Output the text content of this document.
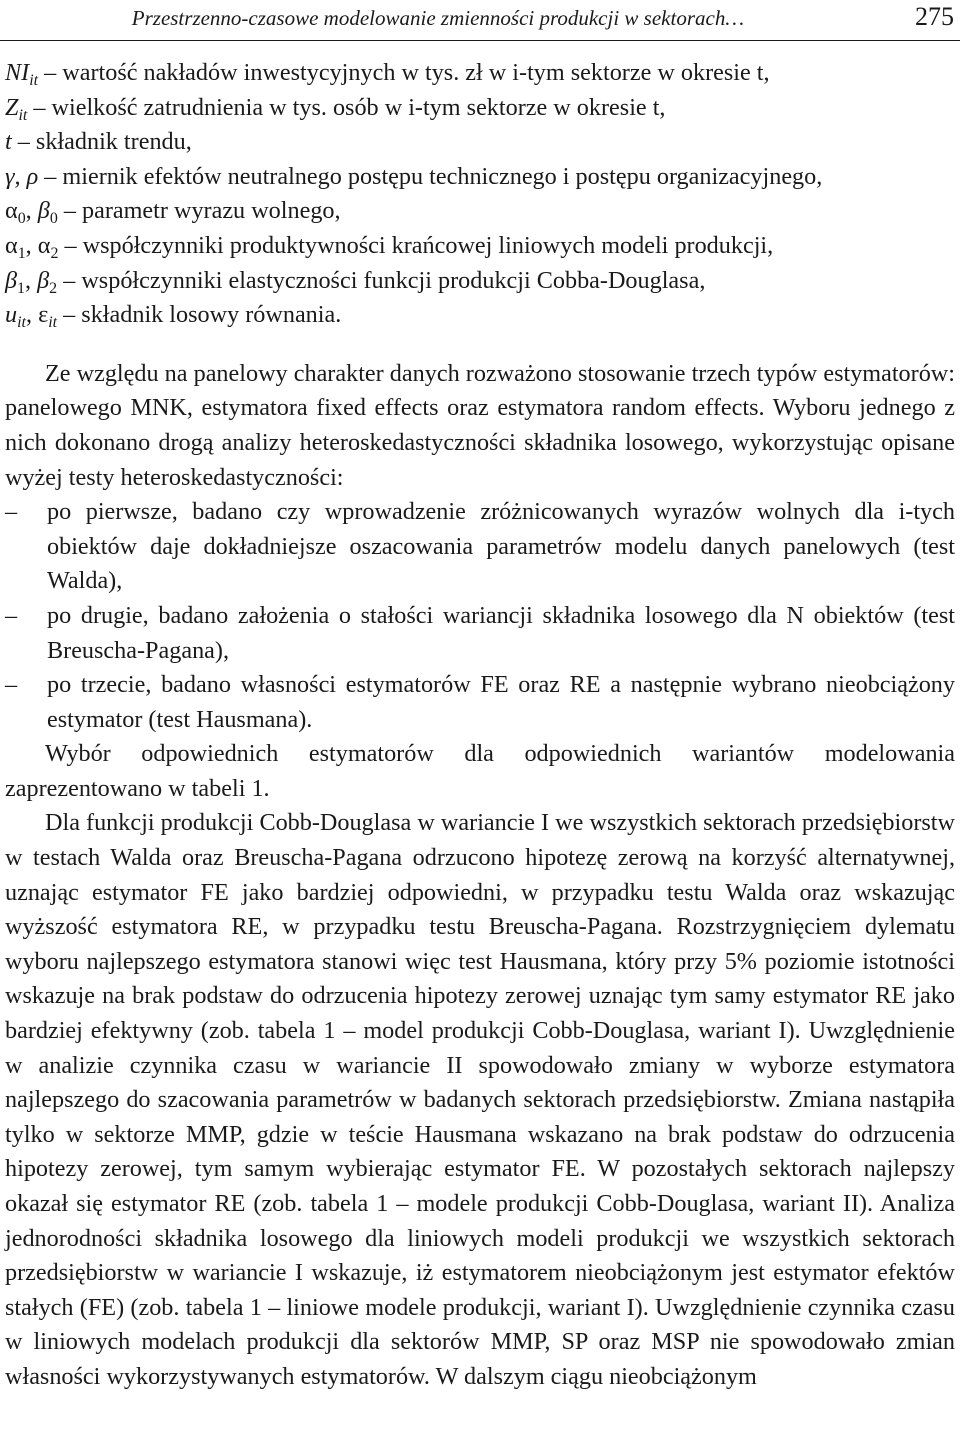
Przestrzenno-czasowe modelowanie zmienności produkcji w sektorach…	275

$NI_{it}$ – wartość nakładów inwestycyjnych w tys. zł w i-tym sektorze w okresie t,

$Z_{it}$ – wielkość zatrudnienia w tys. osób w i-tym sektorze w okresie t,

t – składnik trendu,

γ, ρ – miernik efektów neutralnego postępu technicznego i postępu organizacyjnego,

$\alpha_0$, $\beta_0$ – parametr wyrazu wolnego,

$\alpha_1$, $\alpha_2$ – współczynniki produktywności krańcowej liniowych modeli produkcji,

$\beta_1$, $\beta_2$ – współczynniki elastyczności funkcji produkcji Cobba-Douglasa,

$u_{it}$, $\varepsilon_{it}$ – składnik losowy równania.

Ze względu na panelowy charakter danych rozważono stosowanie trzech typów estymatorów: panelowego MNK, estymatora fixed effects oraz estymatora random effects. Wyboru jednego z nich dokonano drogą analizy heteroskedastyczności składnika losowego, wykorzystując opisane wyżej testy heteroskedastyczności:

– po pierwsze, badano czy wprowadzenie zróżnicowanych wyrazów wolnych dla i-tych obiektów daje dokładniejsze oszacowania parametrów modelu danych panelowych (test Walda),
– po drugie, badano założenia o stałości wariancji składnika losowego dla N obiektów (test Breuscha-Pagana),
– po trzecie, badano własności estymatorów FE oraz RE a następnie wybrano nieobciążony estymator (test Hausmana).

Wybór odpowiednich estymatorów dla odpowiednich wariantów modelowania zaprezentowano w tabeli 1.

Dla funkcji produkcji Cobb-Douglasa w wariancie I we wszystkich sektorach przedsiębiorstw w testach Walda oraz Breuscha-Pagana odrzucono hipotezę zerową na korzyść alternatywnej, uznając estymator FE jako bardziej odpowiedni, w przypadku testu Walda oraz wskazując wyższość estymatora RE, w przypadku testu Breuscha-Pagana. Rozstrzygnięciem dylematu wyboru najlepszego estymatora stanowi więc test Hausmana, który przy 5% poziomie istotności wskazuje na brak podstaw do odrzucenia hipotezy zerowej uznając tym samy estymator RE jako bardziej efektywny (zob. tabela 1 – model produkcji Cobb-Douglasa, wariant I). Uwzględnienie w analizie czynnika czasu w wariancie II spowodowało zmiany w wyborze estymatora najlepszego do szacowania parametrów w badanych sektorach przedsiębiorstw. Zmiana nastąpiła tylko w sektorze MMP, gdzie w teście Hausmana wskazano na brak podstaw do odrzucenia hipotezy zerowej, tym samym wybierając estymator FE. W pozostałych sektorach najlepszy okazał się estymator RE (zob. tabela 1 – modele produkcji Cobb-Douglasa, wariant II). Analiza jednorodności składnika losowego dla liniowych modeli produkcji we wszystkich sektorach przedsiębiorstw w wariancie I wskazuje, iż estymatorem nieobciążonym jest estymator efektów stałych (FE) (zob. tabela 1 – liniowe modele produkcji, wariant I). Uwzględnienie czynnika czasu w liniowych modelach produkcji dla sektorów MMP, SP oraz MSP nie spowodowało zmian własności wykorzystywanych estymatorów. W dalszym ciągu nieobciążonym
